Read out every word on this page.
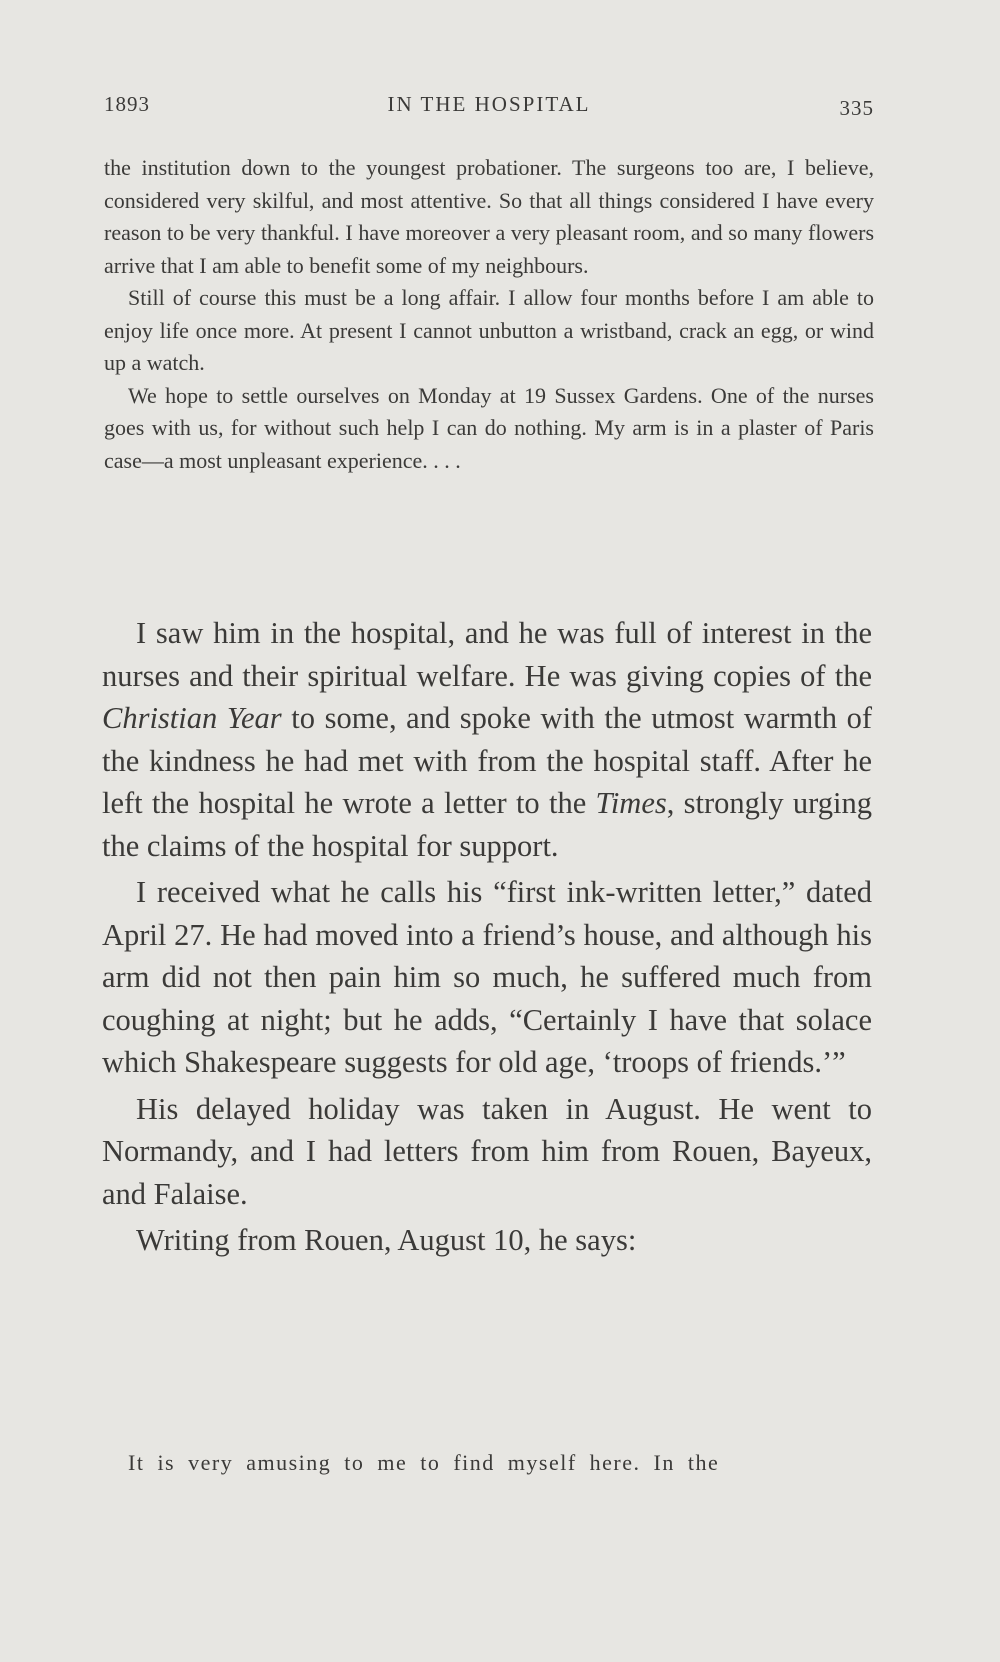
1893	IN THE HOSPITAL	335

the institution down to the youngest probationer. The surgeons too are, I believe, considered very skilful, and most attentive. So that all things considered I have every reason to be very thankful. I have moreover a very pleasant room, and so many flowers arrive that I am able to benefit some of my neighbours.

Still of course this must be a long affair. I allow four months before I am able to enjoy life once more. At present I cannot unbutton a wristband, crack an egg, or wind up a watch.

We hope to settle ourselves on Monday at 19 Sussex Gardens. One of the nurses goes with us, for without such help I can do nothing. My arm is in a plaster of Paris case—a most unpleasant experience. . . .

I saw him in the hospital, and he was full of interest in the nurses and their spiritual welfare. He was giving copies of the Christian Year to some, and spoke with the utmost warmth of the kindness he had met with from the hospital staff. After he left the hospital he wrote a letter to the Times, strongly urging the claims of the hospital for support.

I received what he calls his “first ink-written letter,” dated April 27. He had moved into a friend’s house, and although his arm did not then pain him so much, he suffered much from coughing at night; but he adds, “Certainly I have that solace which Shakespeare suggests for old age, ‘troops of friends.’”

His delayed holiday was taken in August. He went to Normandy, and I had letters from him from Rouen, Bayeux, and Falaise.

Writing from Rouen, August 10, he says:

It is very amusing to me to find myself here. In the
